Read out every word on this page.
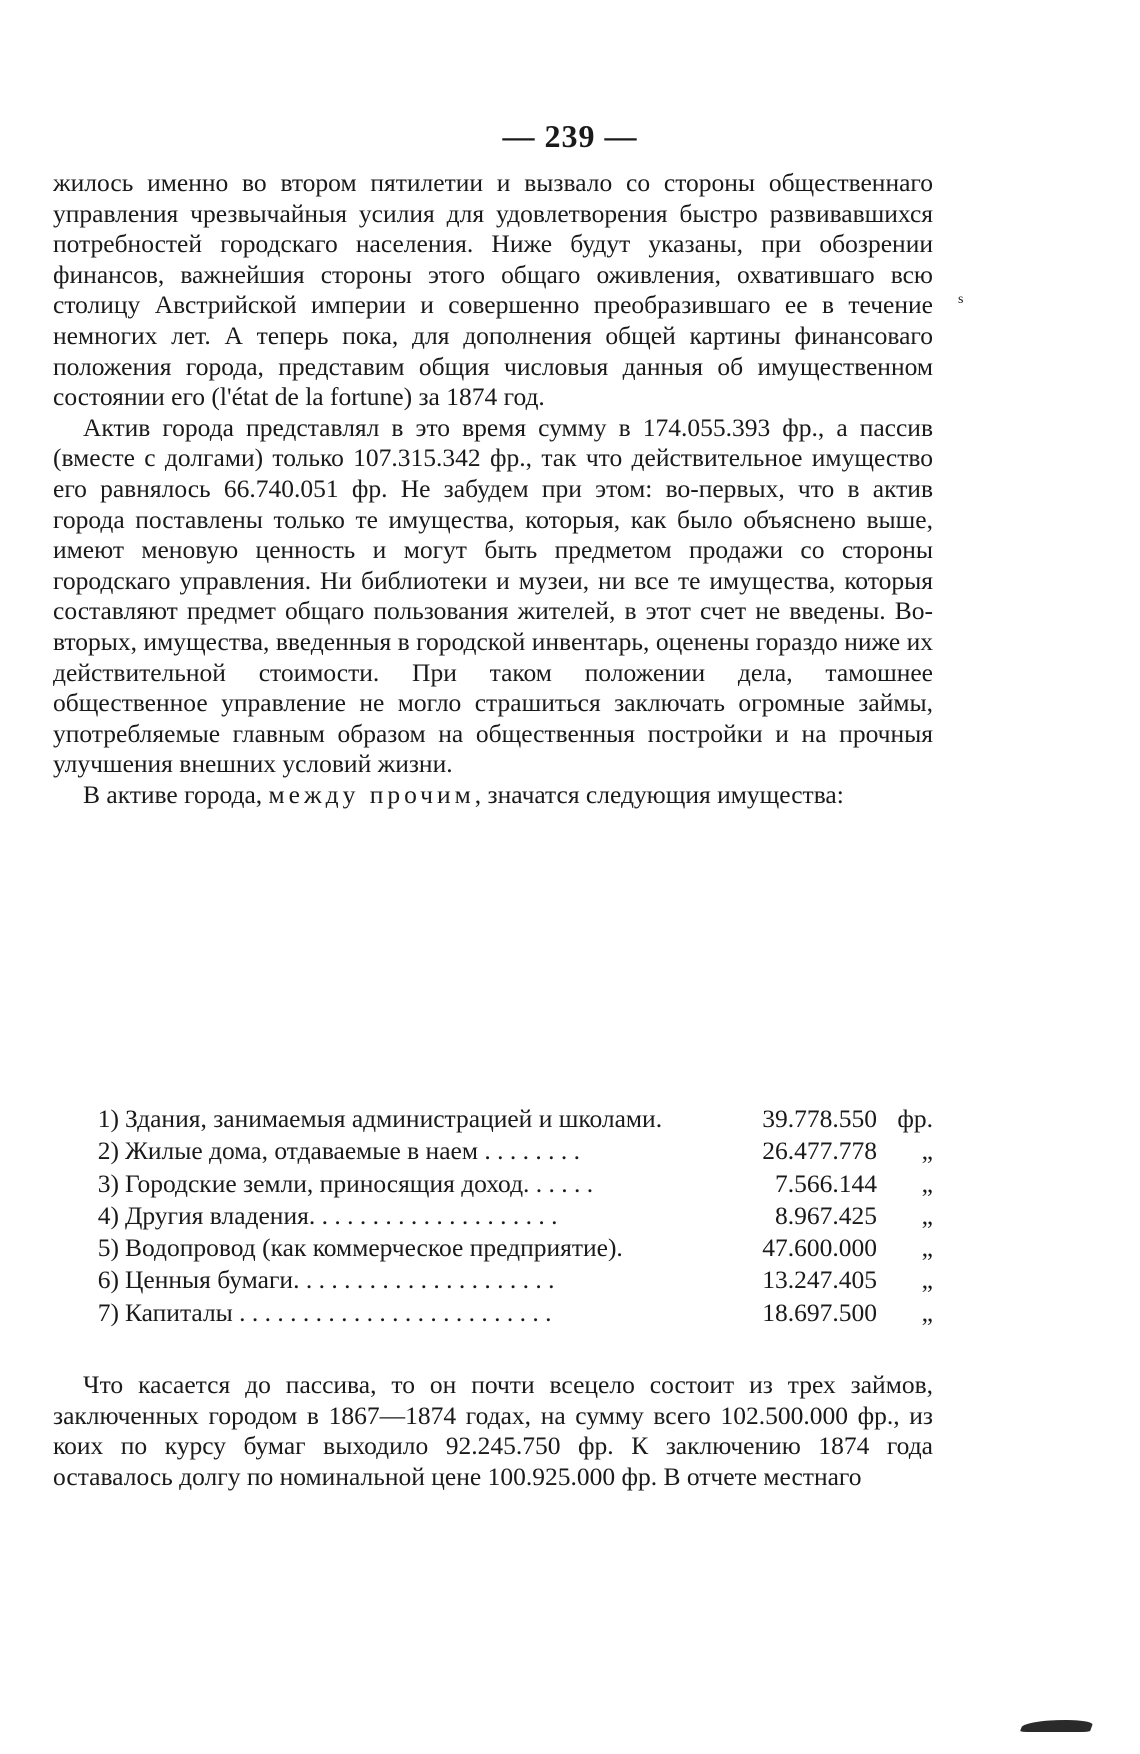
— 239 —
s

жилось именно во втором пятилетии и вызвало со стороны общественнаго управления чрезвычайныя усилия для удовлетворения быстро развивавшихся потребностей городскаго населения. Ниже будут указаны, при обозрении финансов, важнейшия стороны этого общаго оживления, охватившаго всю столицу Австрийской империи и совершенно преобразившаго ее в течение немногих лет. А теперь пока, для дополнения общей картины финансоваго положения города, представим общия числовыя данныя об имущественном состоянии его (l'état de la fortune) за 1874 год.

Актив города представлял в это время сумму в 174.055.393 фр., а пассив (вместе с долгами) только 107.315.342 фр., так что действительное имущество его равнялось 66.740.051 фр. Не забудем при этом: во-первых, что в актив города поставлены только те имущества, которыя, как было объяснено выше, имеют меновую ценность и могут быть предметом продажи со стороны городскаго управления. Ни библиотеки и музеи, ни все те имущества, которыя составляют предмет общаго пользования жителей, в этот счет не введены. Во-вторых, имущества, введенныя в городской инвентарь, оценены гораздо ниже их действительной стоимости. При таком положении дела, тамошнее общественное управление не могло страшиться заключать огромные займы, употребляемые главным образом на общественныя постройки и на прочныя улучшения внешних условий жизни.

В активе города, между прочим, значатся следующия имущества:

1) Здания, занимаемыя администрацией и школами.	39.778.550 фр.
2) Жилые дома, отдаваемые в наем . . . . . . . .	26.477.778	„
3) Городские земли, приносящия доход. . . . . .	7.566.144	„
4) Другия владения. . . . . . . . . . . . . . . . . . . .	8.967.425	„
5) Водопровод (как коммерческое предприятие).	47.600.000	„
6) Ценныя бумаги. . . . . . . . . . . . . . . . . . . . .	13.247.405	„
7) Капиталы . . . . . . . . . . . . . . . . . . . . . . . . .	18.697.500	„

Что касается до пассива, то он почти всецело состоит из трех займов, заключенных городом в 1867—1874 годах, на сумму всего 102.500.000 фр., из коих по курсу бумаг выходило 92.245.750 фр. К заключению 1874 года оставалось долгу по номинальной цене 100.925.000 фр. В отчете местнаго
